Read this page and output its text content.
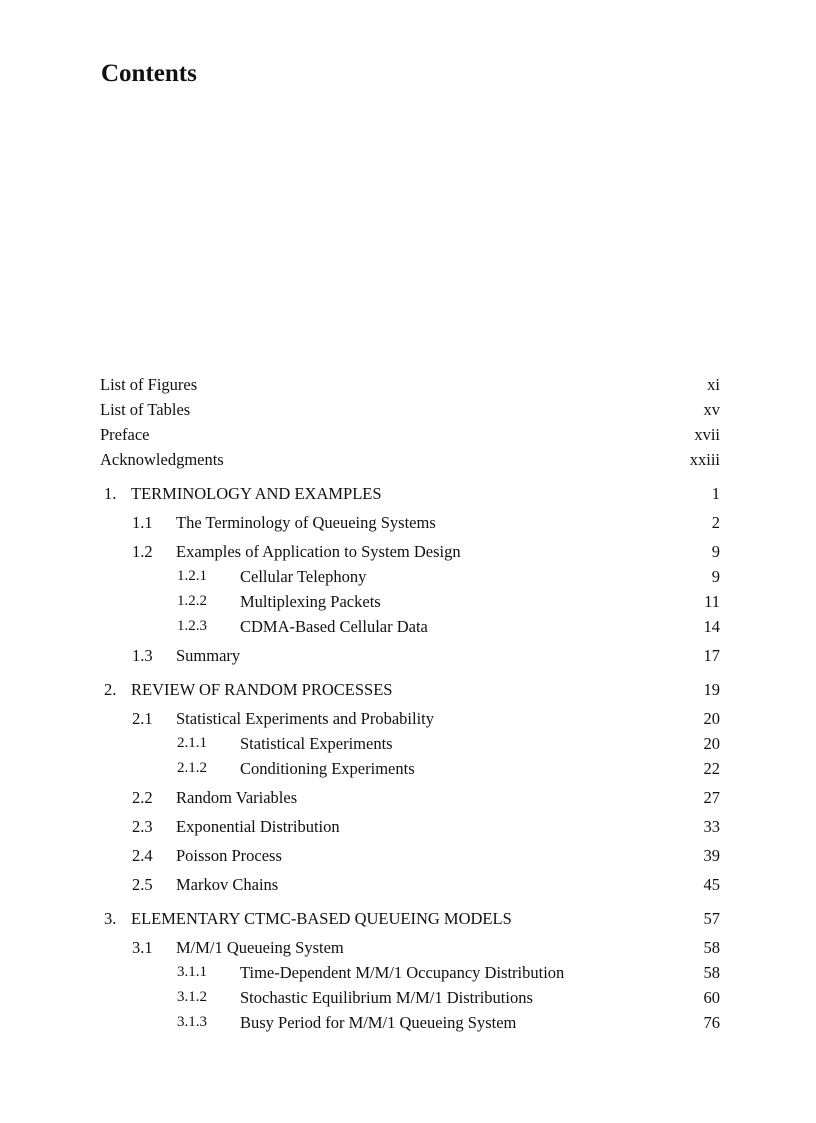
Contents
List of Figures	xi
List of Tables	xv
Preface	xvii
Acknowledgments	xxiii
1. TERMINOLOGY AND EXAMPLES	1
1.1 The Terminology of Queueing Systems	2
1.2 Examples of Application to System Design	9
1.2.1 Cellular Telephony	9
1.2.2 Multiplexing Packets	11
1.2.3 CDMA-Based Cellular Data	14
1.3 Summary	17
2. REVIEW OF RANDOM PROCESSES	19
2.1 Statistical Experiments and Probability	20
2.1.1 Statistical Experiments	20
2.1.2 Conditioning Experiments	22
2.2 Random Variables	27
2.3 Exponential Distribution	33
2.4 Poisson Process	39
2.5 Markov Chains	45
3. ELEMENTARY CTMC-BASED QUEUEING MODELS	57
3.1 M/M/1 Queueing System	58
3.1.1 Time-Dependent M/M/1 Occupancy Distribution	58
3.1.2 Stochastic Equilibrium M/M/1 Distributions	60
3.1.3 Busy Period for M/M/1 Queueing System	76
